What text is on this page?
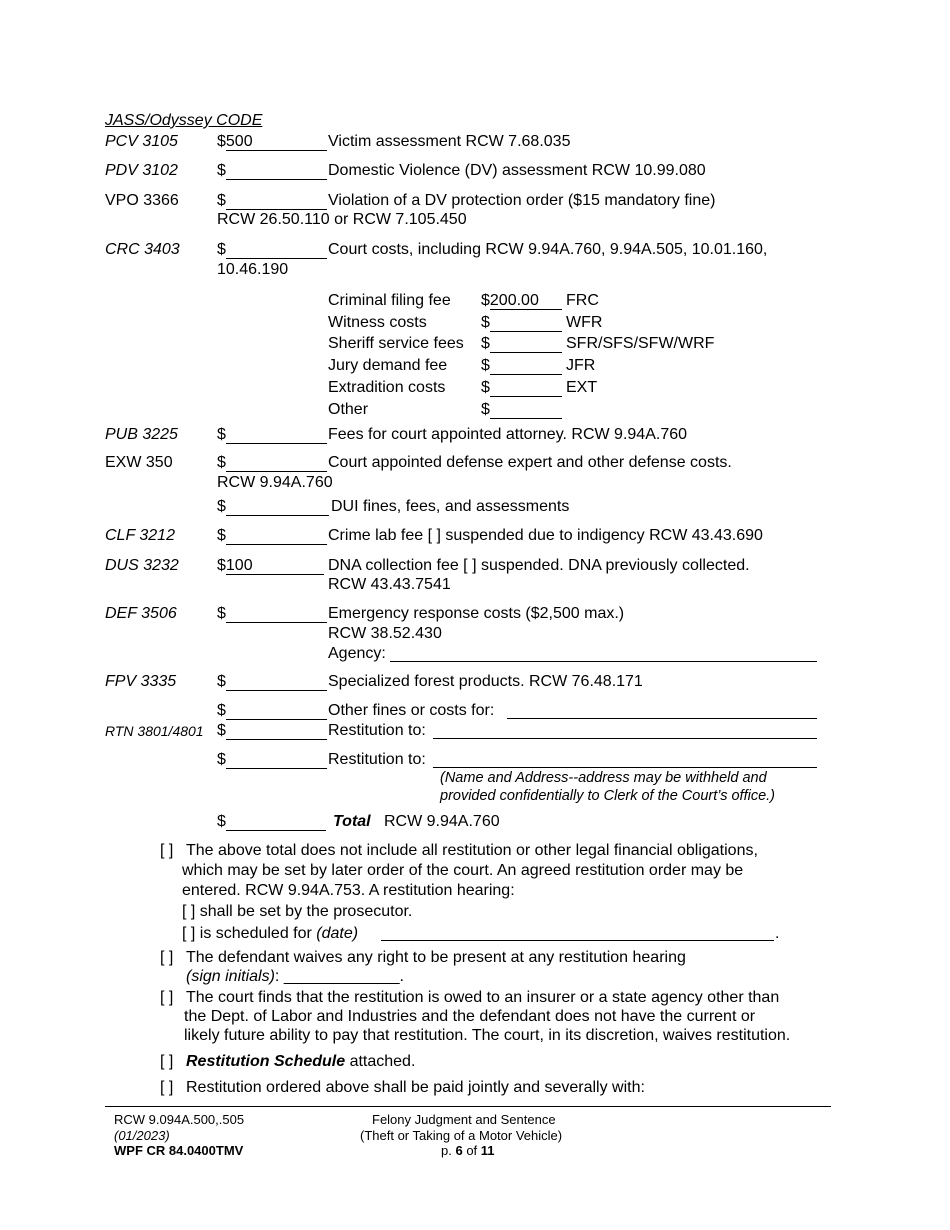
JASS/Odyssey CODE
PCV 3105 $500	Victim assessment RCW 7.68.035
PDV 3102 $	Domestic Violence (DV) assessment RCW 10.99.080
VPO 3366 $	Violation of a DV protection order ($15 mandatory fine)
RCW 26.50.110 or RCW 7.105.450
CRC 3403 $	Court costs, including RCW 9.94A.760, 9.94A.505, 10.01.160,
10.46.190
Criminal filing fee $200.00	FRC
Witness costs	$	WFR
Sheriff service fees $	SFR/SFS/SFW/WRF
Jury demand fee $	JFR
Extradition costs $	EXT
Other	$
PUB 3225 $	Fees for court appointed attorney. RCW 9.94A.760
EXW 350	$	Court appointed defense expert and other defense costs.
RCW 9.94A.760
$	DUI fines, fees, and assessments
CLF 3212	$	Crime lab fee [ ] suspended due to indigency RCW 43.43.690
DUS 3232 $100	DNA collection fee [ ] suspended. DNA previously collected.
RCW 43.43.7541
DEF 3506	$	Emergency response costs ($2,500 max.)
RCW 38.52.430
Agency:
FPV 3335	$	Specialized forest products. RCW 76.48.171
$	Other fines or costs for:
RTN 3801/4801 $	Restitution to:
$	Restitution to:
(Name and Address--address may be withheld and
provided confidentially to Clerk of the Court’s office.)
$	Total RCW 9.94A.760
[ ] The above total does not include all restitution or other legal financial obligations,
which may be set by later order of the court. An agreed restitution order may be
entered. RCW 9.94A.753. A restitution hearing:
[ ] shall be set by the prosecutor.
[ ] is scheduled for (date)	.
[ ] The defendant waives any right to be present at any restitution hearing
(sign initials): _____________.
[ ] The court finds that the restitution is owed to an insurer or a state agency other than
the Dept. of Labor and Industries and the defendant does not have the current or
likely future ability to pay that restitution. The court, in its discretion, waives restitution.
[ ] Restitution Schedule attached.
[ ] Restitution ordered above shall be paid jointly and severally with:
RCW 9.094A.500,.505
(01/2023)
WPF CR 84.0400TMV
Felony Judgment and Sentence
(Theft or Taking of a Motor Vehicle)
p. 6 of 11
